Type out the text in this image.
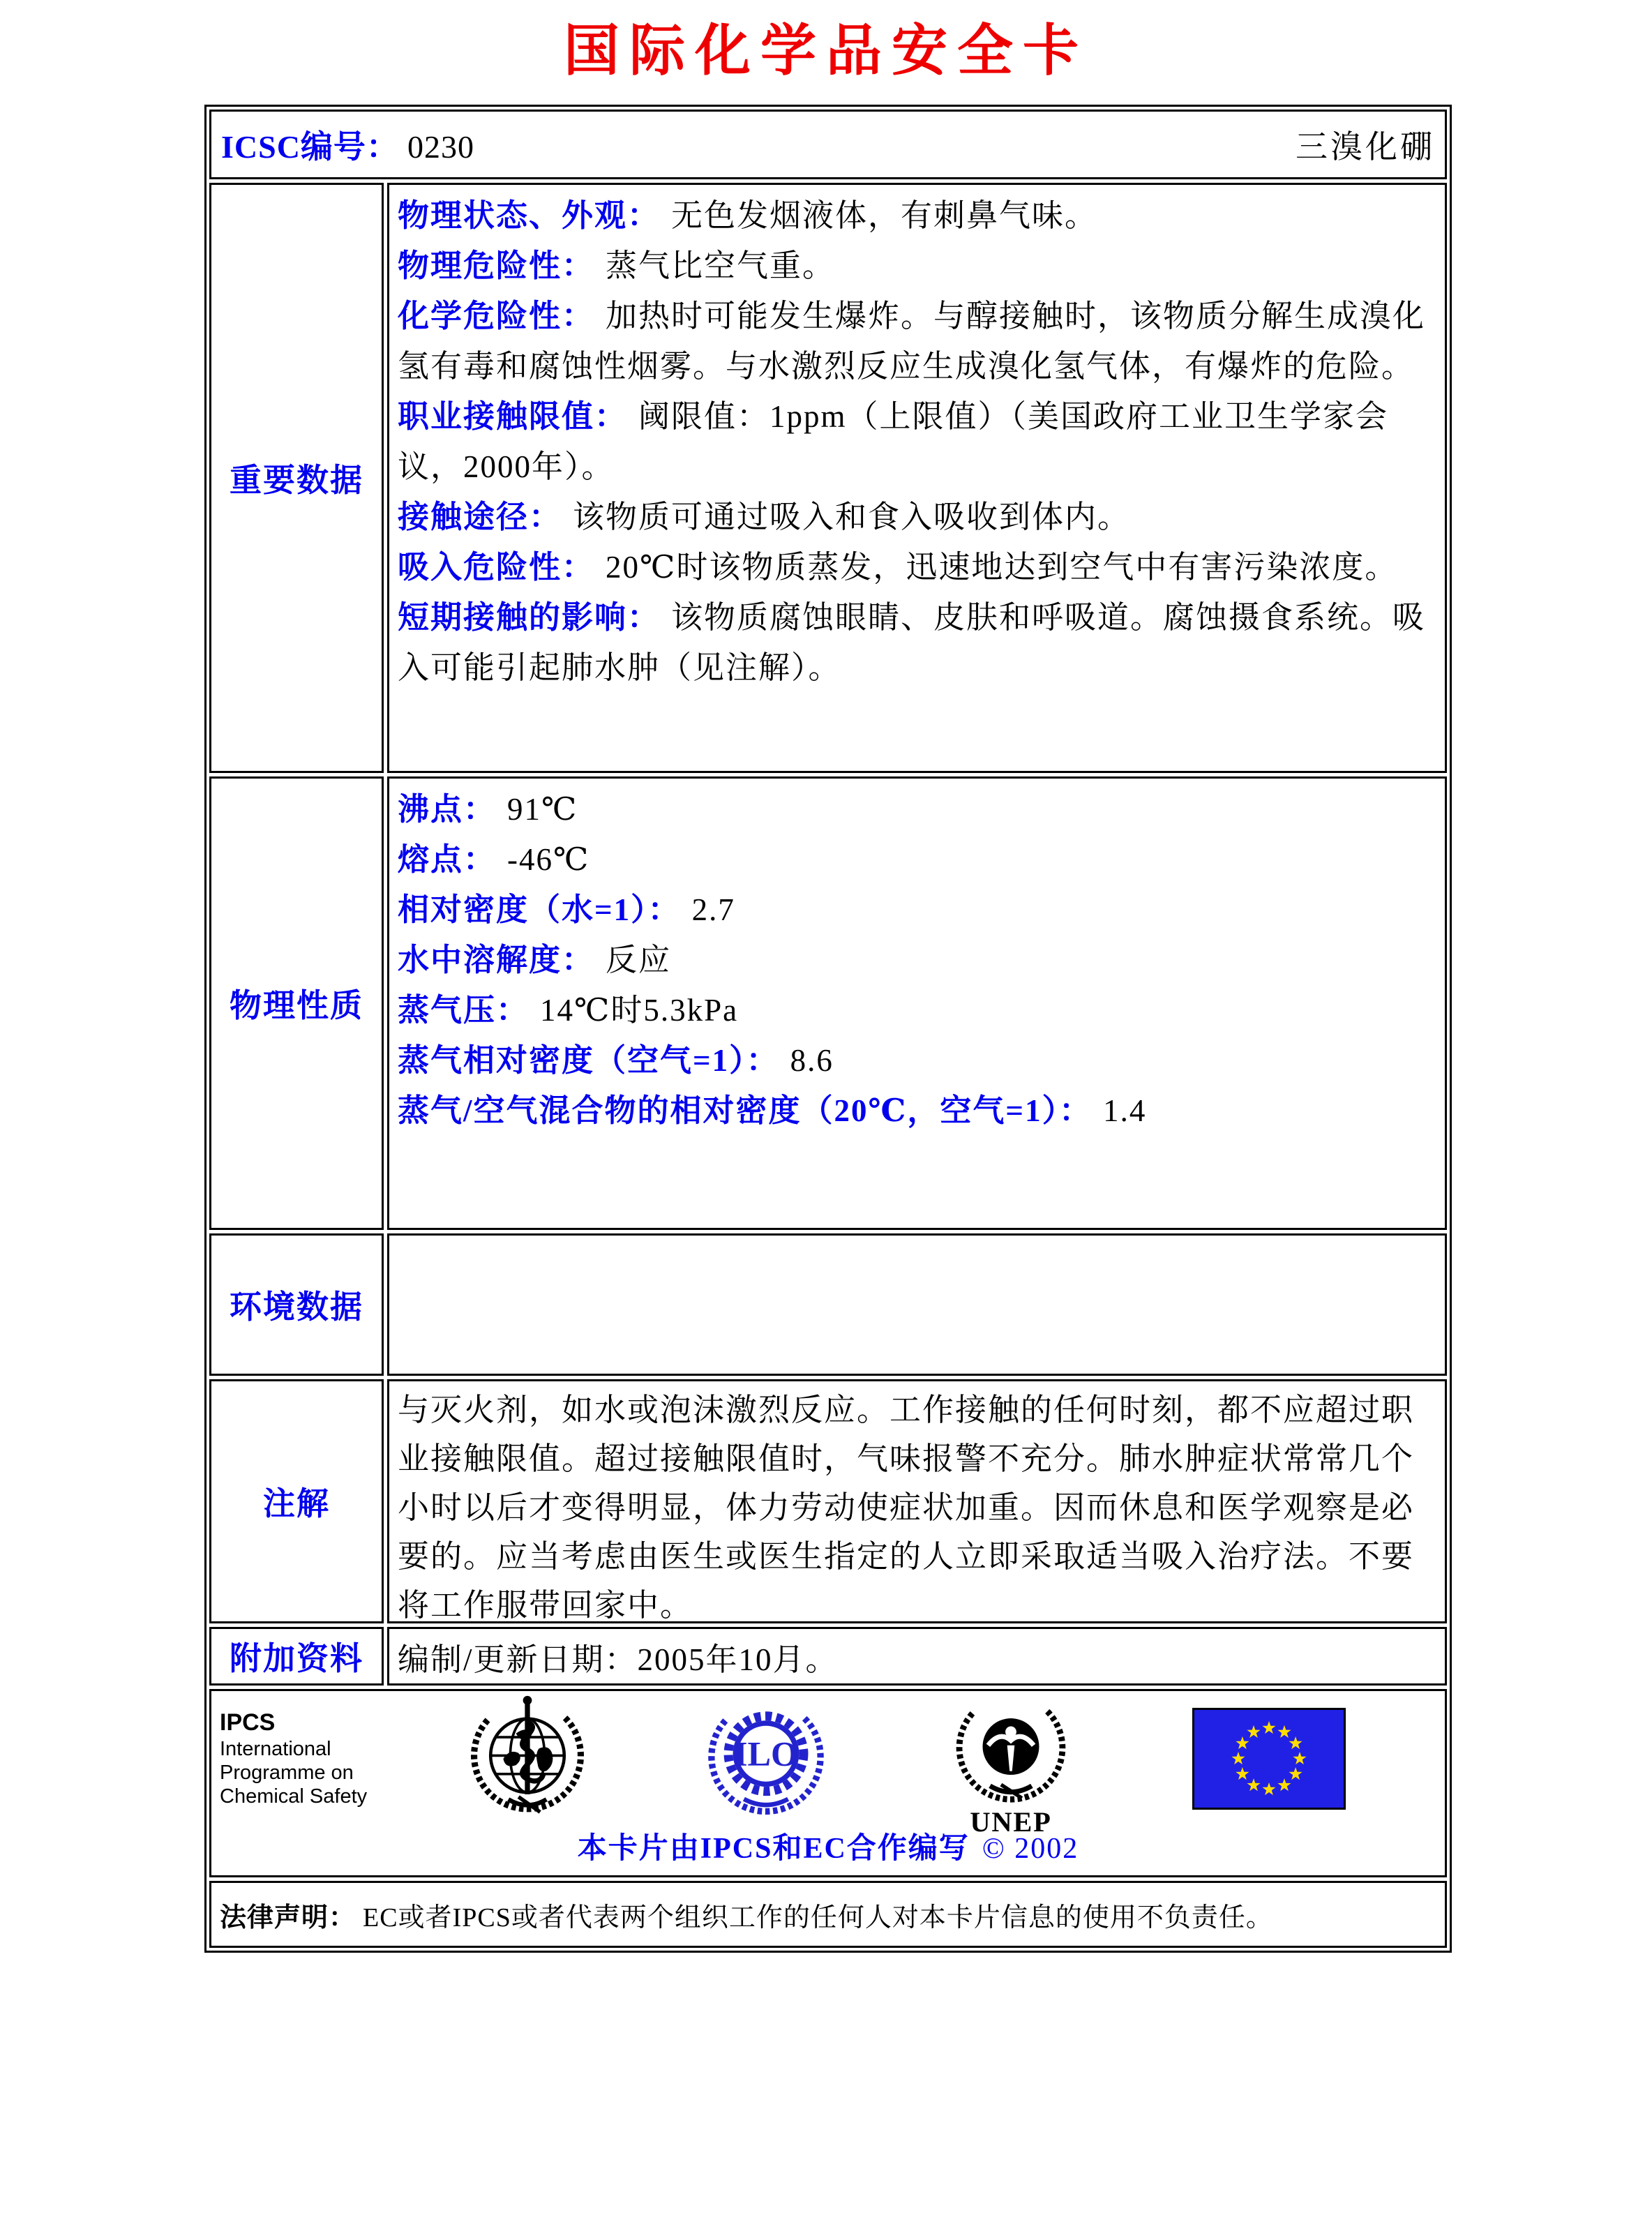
国际化学品安全卡
ICSC编号： 0230	三溴化硼
重要数据
物理状态、外观： 无色发烟液体，有刺鼻气味。
物理危险性： 蒸气比空气重。
化学危险性： 加热时可能发生爆炸。与醇接触时，该物质分解生成溴化氢有毒和腐蚀性烟雾。与水激烈反应生成溴化氢气体，有爆炸的危险。
职业接触限值： 阈限值：1ppm（上限值）（美国政府工业卫生学家会议，2000年）。
接触途径： 该物质可通过吸入和食入吸收到体内。
吸入危险性： 20℃时该物质蒸发，迅速地达到空气中有害污染浓度。
短期接触的影响： 该物质腐蚀眼睛、皮肤和呼吸道。腐蚀摄食系统。吸入可能引起肺水肿（见注解）。
物理性质
沸点： 91℃
熔点： -46℃
相对密度（水=1）： 2.7
水中溶解度： 反应
蒸气压： 14℃时5.3kPa
蒸气相对密度（空气=1）： 8.6
蒸气/空气混合物的相对密度（20℃，空气=1）： 1.4
环境数据
注解
与灭火剂，如水或泡沫激烈反应。工作接触的任何时刻，都不应超过职业接触限值。超过接触限值时，气味报警不充分。肺水肿症状常常几个小时以后才变得明显，体力劳动使症状加重。因而休息和医学观察是必要的。应当考虑由医生或医生指定的人立即采取适当吸入治疗法。不要将工作服带回家中。
附加资料	编制/更新日期：2005年10月。
IPCS
International
Programme on
Chemical Safety
ILO
UNEP
本卡片由IPCS和EC合作编写 © 2002
法律声明： EC或者IPCS或者代表两个组织工作的任何人对本卡片信息的使用不负责任。
